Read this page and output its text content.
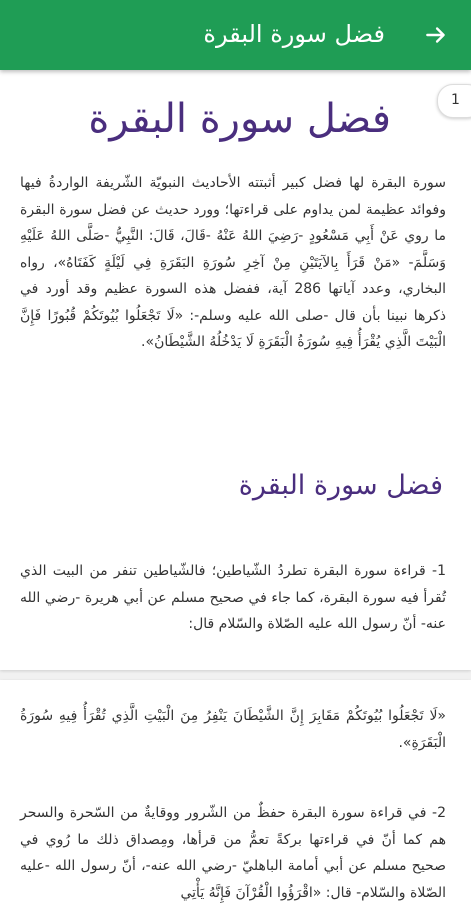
فضل سورة البقرة
1
فضل سورة البقرة

سورة البقرة لها فضل كبير أثبتته الأحاديث النبويّة الشّريفة الواردةُ فيها وفوائد عظيمة لمن يداوم على قراءتها؛ وورد حديث عن فضل سورة البقرة ما روي عَنْ أَبِي مَسْعُودٍ -رَضِيَ اللهُ عَنْهُ -قَالَ، قَالَ: النَّبِيُّ -صَلَّى اللهُ عَلَيْهِ وَسَلَّمَ- «مَنْ قَرَأَ بِالآيَتَيْنِ مِنْ آخِرِ سُورَةِ البَقَرَةِ فِي لَيْلَةٍ كَفَتَاهُ»، رواه البخاري، وعدد آياتها 286 آية، ففضل هذه السورة عظيم وقد أورد في ذكرها نبينا بأن قال -صلى الله عليه وسلم-: «لَا تَجْعَلُوا بُيُوتَكُمْ قُبُورًا فَإِنَّ الْبَيْتَ الَّذِي يُقْرَأُ فِيهِ سُورَةُ الْبَقَرَةِ لَا يَدْخُلُهُ الشَّيْطَانُ».

فضل سورة البقرة

1- قراءة سورة البقرة تطردُ الشّياطين؛ فالشّياطين تنفر من البيت الذي تُقرأ فيه سورة البقرة، كما جاء في صحيح مسلم عن أبي هريرة -رضي الله عنه- أنّ رسول الله عليه الصّلاة والسّلام قال:

«لَا تَجْعَلُوا بُيُوتَكُمْ مَقَابِرَ إِنَّ الشَّيْطَانَ يَنْفِرُ مِنَ الْبَيْتِ الَّذِي تُقْرَأُ فِيهِ سُورَةُ الْبَقَرَةِ».

2- في قراءة سورة البقرة حفظٌ من الشّرور ووقايةٌ من السّحرة والسحر هم كما أنّ في قراءتها بركةً تعمُّ من قرأها، ومِصداق ذلك ما رُوي في صحيح مسلم عن أبي أمامة الباهليّ -رضي الله عنه-، أنّ رسول الله -عليه الصّلاة والسّلام- قال: «اقْرَؤُوا الْقُرْآنَ فَإِنَّهُ يَأْتِي
